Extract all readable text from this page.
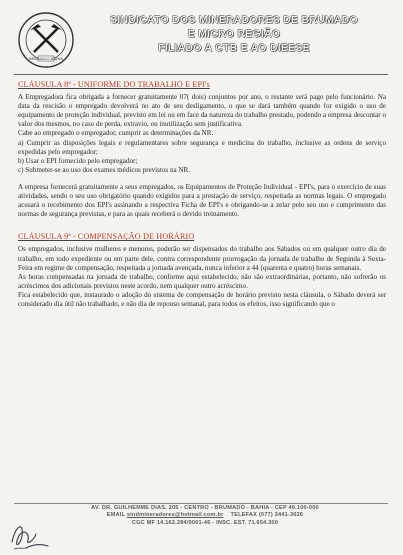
BRUMADO-BAHIA
SINDICATO DOS MINERADORES DE BRUMADO
E MICRO REGIÃO
FILIADO A CTB E AO DIEESE
CLÁUSULA 8ª - UNIFORME DO TRABALHO E EPI's

A Empregadora fica obrigada a fornecer gratuitamente 07( dois) conjuntos por ano, o restante será pago pelo funcionário. Na data da rescisão o empregado devolverá no ato de seu desligamento, o que se dará também quando for exigido o uso de equipamento de proteção individual, previsto em lei ou em face da natureza do trabalho prestado, podendo a empresa descontar o valor dos mesmos, no caso de perda, extravio, ou inutilização sem justificativa.

Cabe ao empregado o empregador, cumprir as determinações da NR.

a) Cumprir as disposições legais e regulamentares sobre segurança e medicina do trabalho, inclusive as ordens de serviço expedidas pelo empregador;

b) Usar o EPI fornecido pelo empregador;

c) Submeter-se ao uso dos exames médicos previstos na NR.

A empresa fornecerá gratuitamente a seus empregados, os Equipamentos de Proteção Individual - EPI's, para o exercício de suas atividades, sendo o seu uso obrigatório quando exigidos para a prestação de serviço, respeitada as normas legais. O empregado acusará o recebimento dos EPI's assinando a respectiva Ficha de EPI's e obrigando-se a zelar pelo seu uso e cumprimento das normas de segurança previstas, e para as quais receberá o devido treinamento.

CLÁUSULA 9ª - COMPENSAÇÃO DE HORÁRIO

Os empregados, inclusive mulheres e menores, poderão ser dispensados do trabalho aos Sábados ou em qualquer outro dia de trabalho, em todo expediente ou em parte dele, contra correspondente prorrogação da jornada de trabalho de Segunda à Sexta-Feira em regime de compensação, respeitada a jornada avençada, nunca inferior a 44 (quarenta e quatro) horas semanais.

As horas compensadas na jornada de trabalho, conforme aqui estabelecido, não são extraordinárias, portanto, não sofrerão os acréscimos dos adicionais previstos neste acordo, nem qualquer outro acréscimo.

Fica estabelecido que, instaurado o adoção do sistema de compensação de horário previsto nesta cláusula, o Sábado deverá ser considerado dia útil não trabalhado, e não dia de repouso semanal, para todos os efeitos, isso significando que o

AV. DR. GUILHERME DIAS, 205 - CENTRO - BRUMADO - BAHIA - CEP 46.100-000
EMAIL sindmineradores@hotmail.com.br TELEFAX (077) 3441-3026
CGC MF 14.162.284/0001-46 - INSC. EST. 71.654.300
